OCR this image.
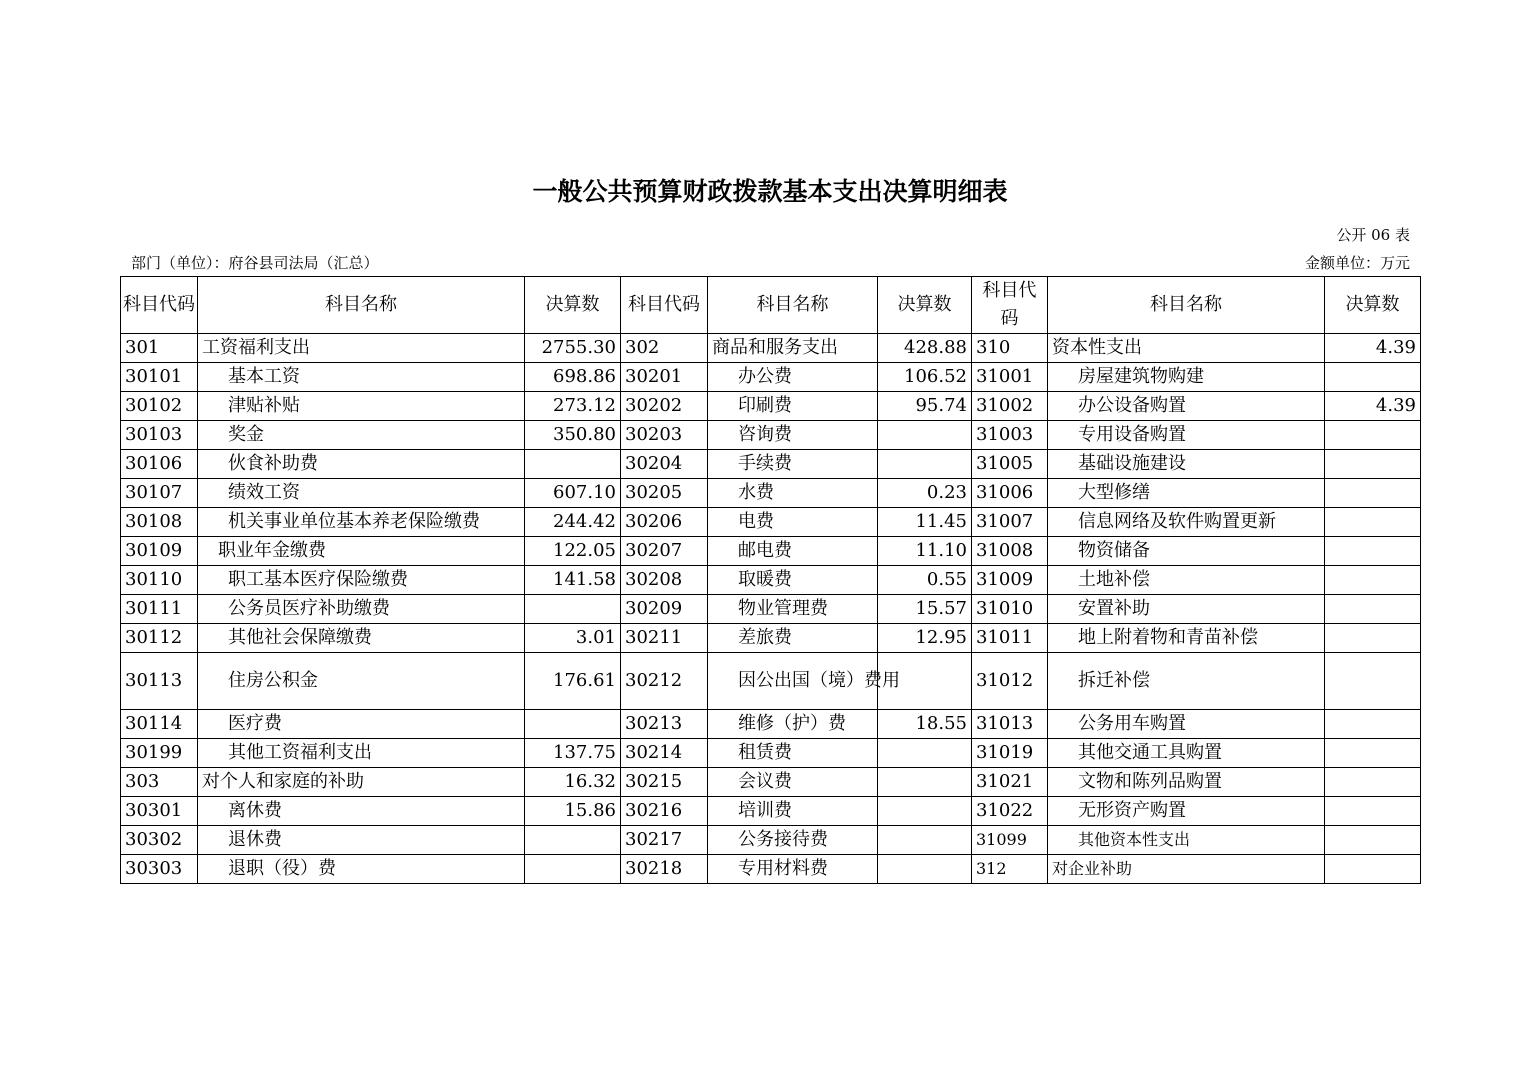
一般公共预算财政拨款基本支出决算明细表
公开 06 表
部门（单位）：府谷县司法局（汇总）	金额单位：万元
科目代码	科目名称	决算数	科目代码	科目名称	决算数	科目代码	科目名称	决算数
301	工资福利支出	2755.30	302	商品和服务支出	428.88	310	资本性支出	4.39
30101	基本工资	698.86	30201	办公费	106.52	31001	房屋建筑物购建	
30102	津贴补贴	273.12	30202	印刷费	95.74	31002	办公设备购置	4.39
30103	奖金	350.80	30203	咨询费		31003	专用设备购置	
30106	伙食补助费		30204	手续费		31005	基础设施建设	
30107	绩效工资	607.10	30205	水费	0.23	31006	大型修缮	
30108	机关事业单位基本养老保险缴费	244.42	30206	电费	11.45	31007	信息网络及软件购置更新	
30109	职业年金缴费	122.05	30207	邮电费	11.10	31008	物资储备	
30110	职工基本医疗保险缴费	141.58	30208	取暖费	0.55	31009	土地补偿	
30111	公务员医疗补助缴费		30209	物业管理费	15.57	31010	安置补助	
30112	其他社会保障缴费	3.01	30211	差旅费	12.95	31011	地上附着物和青苗补偿	
30113	住房公积金	176.61	30212	因公出国（境）费用		31012	拆迁补偿	
30114	医疗费		30213	维修（护）费	18.55	31013	公务用车购置	
30199	其他工资福利支出	137.75	30214	租赁费		31019	其他交通工具购置	
303	对个人和家庭的补助	16.32	30215	会议费		31021	文物和陈列品购置	
30301	离休费	15.86	30216	培训费		31022	无形资产购置	
30302	退休费		30217	公务接待费		31099	其他资本性支出	
30303	退职（役）费		30218	专用材料费		312	对企业补助	
